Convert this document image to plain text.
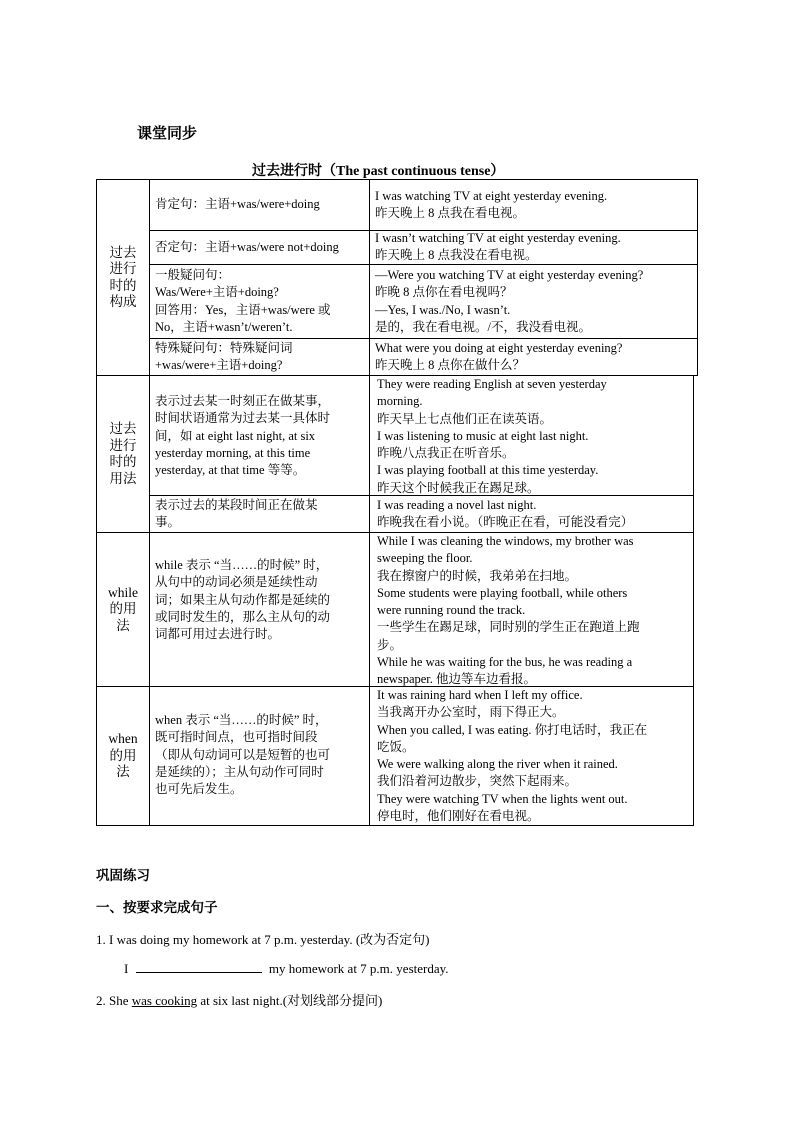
课堂同步
过去进行时（The past continuous tense）
过去进行时的构成
肯定句：主语+was/were+doing
I was watching TV at eight yesterday evening.
昨天晚上 8 点我在看电视。
否定句：主语+was/were not+doing
I wasn’t watching TV at eight yesterday evening.
昨天晚上 8 点我没在看电视。
一般疑问句：
Was/Were+主语+doing?
回答用：Yes，主语+was/were 或
No，主语+wasn’t/weren’t.
—Were you watching TV at eight yesterday evening?
昨晚 8 点你在看电视吗？
—Yes, I was./No, I wasn’t.
是的，我在看电视。/不，我没看电视。
特殊疑问句：特殊疑问词
+was/were+主语+doing?
What were you doing at eight yesterday evening?
昨天晚上 8 点你在做什么？
过去进行时的用法
表示过去某一时刻正在做某事，
时间状语通常为过去某一具体时
间，如 at eight last night, at six
yesterday morning, at this time
yesterday, at that time 等等。
They were reading English at seven yesterday
morning.
昨天早上七点他们正在读英语。
I was listening to music at eight last night.
昨晚八点我正在听音乐。
I was playing football at this time yesterday.
昨天这个时候我正在踢足球。
表示过去的某段时间正在做某
事。
I was reading a novel last night.
昨晚我在看小说。（昨晚正在看，可能没看完）
while的用法
while 表示 “当……的时候” 时，
从句中的动词必须是延续性动
词；如果主从句动作都是延续的
或同时发生的，那么主从句的动
词都可用过去进行时。
While I was cleaning the windows, my brother was
sweeping the floor.
我在擦窗户的时候，我弟弟在扫地。
Some students were playing football, while others
were running round the track.
一些学生在踢足球，同时别的学生正在跑道上跑
步。
While he was waiting for the bus, he was reading a
newspaper. 他边等车边看报。
when的用法
when 表示 “当……的时候” 时，
既可指时间点，也可指时间段
（即从句动词可以是短暂的也可
是延续的）；主从句动作可同时
也可先后发生。
It was raining hard when I left my office.
当我离开办公室时，雨下得正大。
When you called, I was eating. 你打电话时，我正在
吃饭。
We were walking along the river when it rained.
我们沿着河边散步，突然下起雨来。
They were watching TV when the lights went out.
停电时，他们刚好在看电视。
巩固练习
一、按要求完成句子
1. I was doing my homework at 7 p.m. yesterday. (改为否定句)
I	my homework at 7 p.m. yesterday.
2. She was cooking at six last night.(对划线部分提问)
